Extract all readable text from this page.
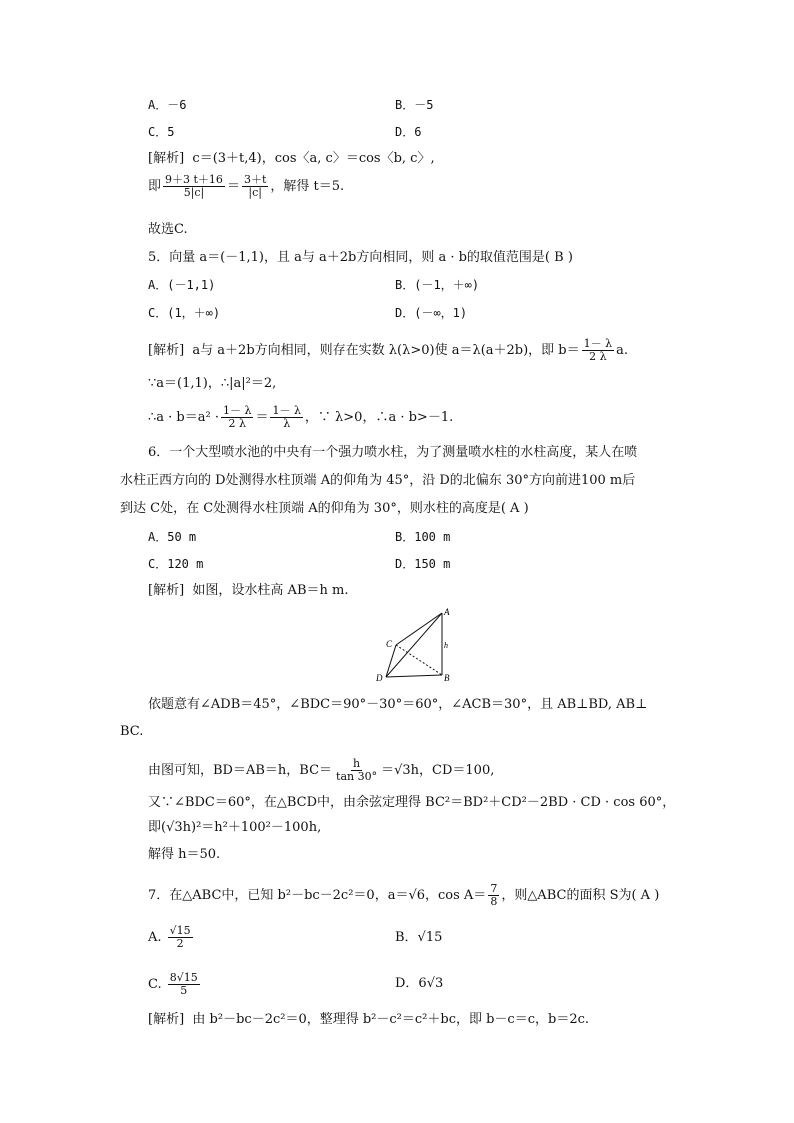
A．－6	B．－5
C．5	D．6
[解析] c＝(3＋t,4)，cos〈a, c〉＝cos〈b, c〉,
即 $\frac{9+3 t+16}{5|c|} = \frac{3+t}{|c|}$ ，解得 t＝5.
故选C.
5．向量 a＝(－1,1)，且 a与 a＋2b方向相同，则 a · b的取值范围是( B )
A．(－1,1)	B．(－1，＋∞)
C．(1，＋∞)	D．(－∞，1)
[解析] a与 a＋2b方向相同，则存在实数 λ(λ>0)使 a＝λ(a＋2b)，即 $b= \frac{1- \lambda}{2 \lambda} a$.
∵a＝(1,1)，∴|a|²＝2,
∴a · $b=a^2 \cdot \frac{1- \lambda}{2 \lambda} = \frac{1- \lambda}{\lambda}$ ，∵ λ>0，∴a · b>－1.
6．一个大型喷水池的中央有一个强力喷水柱，为了测量喷水柱的水柱高度，某人在喷
水柱正西方向的 D处测得水柱顶端 A的仰角为 45°，沿 D的北偏东 30°方向前进100 m后
到达 C处，在 C处测得水柱顶端 A的仰角为 30°，则水柱的高度是( A )
A．50 m	B．100 m
C．120 m	D．150 m
[解析] 如图，设水柱高 AB＝h m.
A
B
C
D
h
依题意有∠ADB＝45°，∠BDC＝90°－30°＝60°，∠ACB＝30°，且 AB⊥BD, AB⊥
BC.
由图可知，BD＝AB＝h，$BC= \frac{h}{\tan 30^\circ} =√3h$，CD＝100,
又∵∠BDC＝60°，在△BCD中，由余弦定理得 BC²＝BD²＋CD²－2BD · CD · cos 60°，
即(√3h)²＝h²＋100²－100h,
解得 h＝50.
7．在△ABC中，已知 b²－bc－2c²＝0，a＝√6，$\cos A= \frac{7}{8}$ ，则△ABC的面积 S为( A )
A. $\frac{√15}{2}$	B．√15
C. $\frac{8√15}{5}$	D．6√3
[解析] 由 b²－bc－2c²＝0，整理得 b²－c²＝c²＋bc，即 b－c＝c，b＝2c.
